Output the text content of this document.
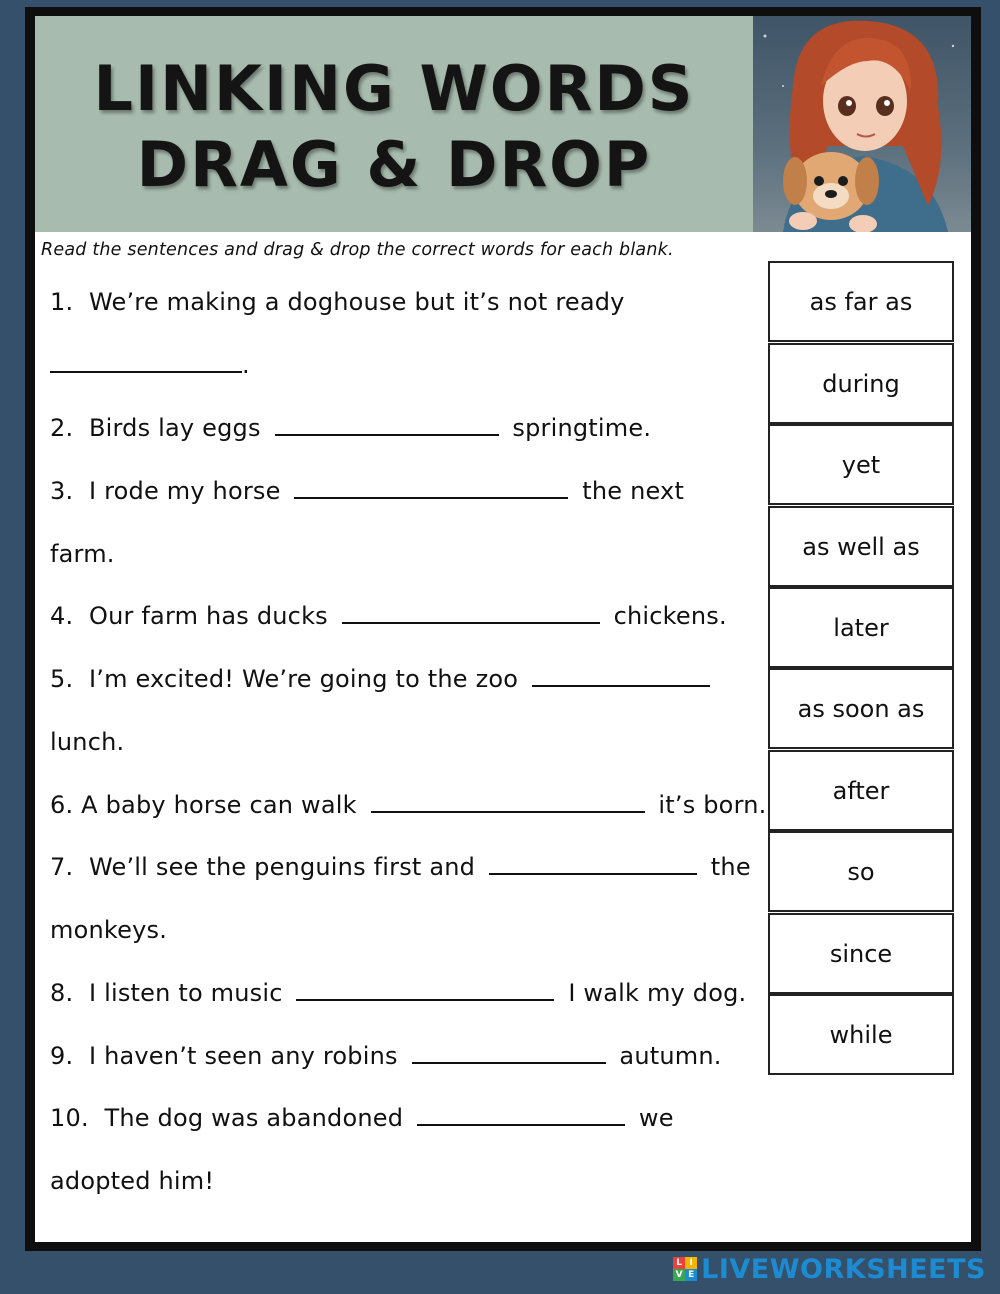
LINKING WORDS
DRAG & DROP
Read the sentences and drag & drop the correct words for each blank.
1. We’re making a doghouse but it’s not ready
.
2. Birds lay eggs	springtime.
3. I rode my horse	the next
farm.
4. Our farm has ducks	chickens.
5. I’m excited! We’re going to the zoo
lunch.
6. A baby horse can walk	it’s born.
7. We’ll see the penguins first and	the
monkeys.
8. I listen to music	I walk my dog.
9. I haven’t seen any robins	autumn.
10. The dog was abandoned	we
adopted him!
as far as
during
yet
as well as
later
as soon as
after
so
since
while
L I
V E LIVEWORKSHEETS
